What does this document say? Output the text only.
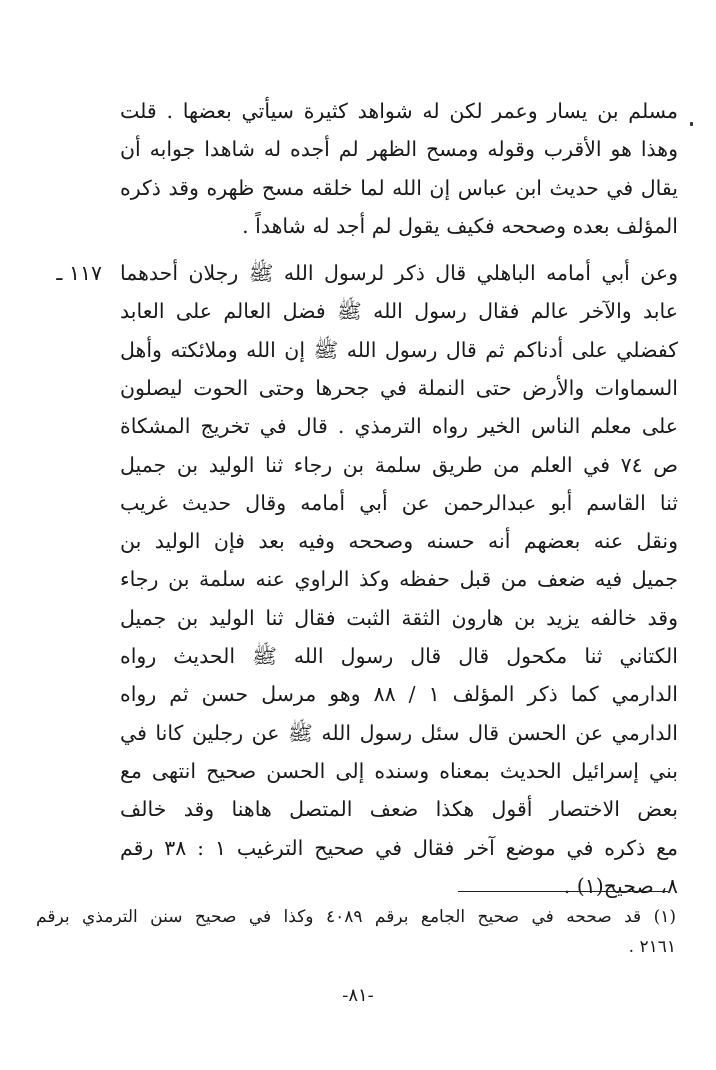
مسلم بن يسار وعمر لكن له شواهد كثيرة سيأتي بعضها . قلت
وهذا هو الأقرب وقوله ومسح الظهر لم أجده له شاهدا جوابه أن
يقال في حديث ابن عباس إن الله لما خلقه مسح ظهره وقد ذكره
المؤلف بعده وصححه فكيف يقول لم أجد له شاهداً .
١١٧ ـ وعن أبي أمامه الباهلي قال ذكر لرسول الله ﷺ رجلان أحدهما
عابد والآخر عالم فقال رسول الله ﷺ فضل العالم على العابد
كفضلي على أدناكم ثم قال رسول الله ﷺ إن الله وملائكته وأهل
السماوات والأرض حتى النملة في جحرها وحتى الحوت ليصلون
على معلم الناس الخير رواه الترمذي . قال في تخريج المشكاة
ص ٧٤ في العلم من طريق سلمة بن رجاء ثنا الوليد بن جميل
ثنا القاسم أبو عبدالرحمن عن أبي أمامه وقال حديث غريب
ونقل عنه بعضهم أنه حسنه وصححه وفيه بعد فإن الوليد بن
جميل فيه ضعف من قبل حفظه وكذ الراوي عنه سلمة بن رجاء
وقد خالفه يزيد بن هارون الثقة الثبت فقال ثنا الوليد بن جميل
الكتاني ثنا مكحول قال قال رسول الله ﷺ الحديث رواه
الدارمي كما ذكر المؤلف ١ / ٨٨ وهو مرسل حسن ثم رواه
الدارمي عن الحسن قال سئل رسول الله ﷺ عن رجلين كانا في
بني إسرائيل الحديث بمعناه وسنده إلى الحسن صحيح انتهى مع
بعض الاختصار أقول هكذا ضعف المتصل هاهنا وقد خالف
مع ذكره في موضع آخر فقال في صحيح الترغيب ١ : ٣٨ رقم
٨، صحيح(١) .
(١) قد صححه في صحيح الجامع برقم ٤٠٨٩ وكذا في صحيح سنن الترمذي برقم
٢١٦١ .
-٨١-
